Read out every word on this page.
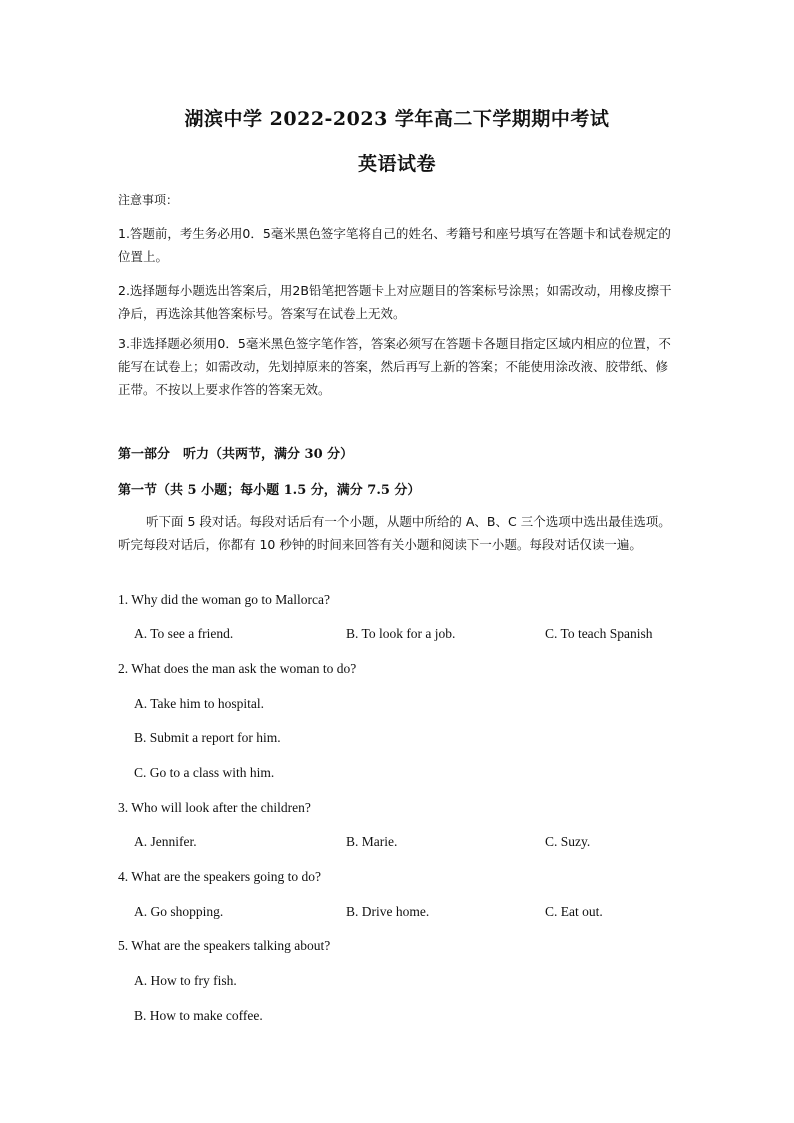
湖滨中学 2022-2023 学年高二下学期期中考试
英语试卷

注意事项：

1.答题前，考生务必用0．5毫米黑色签字笔将自己的姓名、考籍号和座号填写在答题卡和试卷规定的位置上。

2.选择题每小题选出答案后，用2B铅笔把答题卡上对应题目的答案标号涂黑；如需改动，用橡皮擦干净后，再选涂其他答案标号。答案写在试卷上无效。

3.非选择题必须用0．5毫米黑色签字笔作答，答案必须写在答题卡各题目指定区域内相应的位置，不能写在试卷上；如需改动，先划掉原来的答案，然后再写上新的答案；不能使用涂改液、胶带纸、修正带。不按以上要求作答的答案无效。

第一部分　听力（共两节，满分 30 分）

第一节（共 5 小题；每小题 1.5 分，满分 7.5 分）

听下面 5 段对话。每段对话后有一个小题，从题中所给的 A、B、C 三个选项中选出最佳选项。听完每段对话后，你都有 10 秒钟的时间来回答有关小题和阅读下一小题。每段对话仅读一遍。

1. Why did the woman go to Mallorca?

A. To see a friend.	B. To look for a job.	C. To teach Spanish

2. What does the man ask the woman to do?

A. Take him to hospital.

B. Submit a report for him.

C. Go to a class with him.

3. Who will look after the children?

A. Jennifer.	B. Marie.	C. Suzy.

4. What are the speakers going to do?

A. Go shopping.	B. Drive home.	C. Eat out.

5. What are the speakers talking about?

A. How to fry fish.

B. How to make coffee.
